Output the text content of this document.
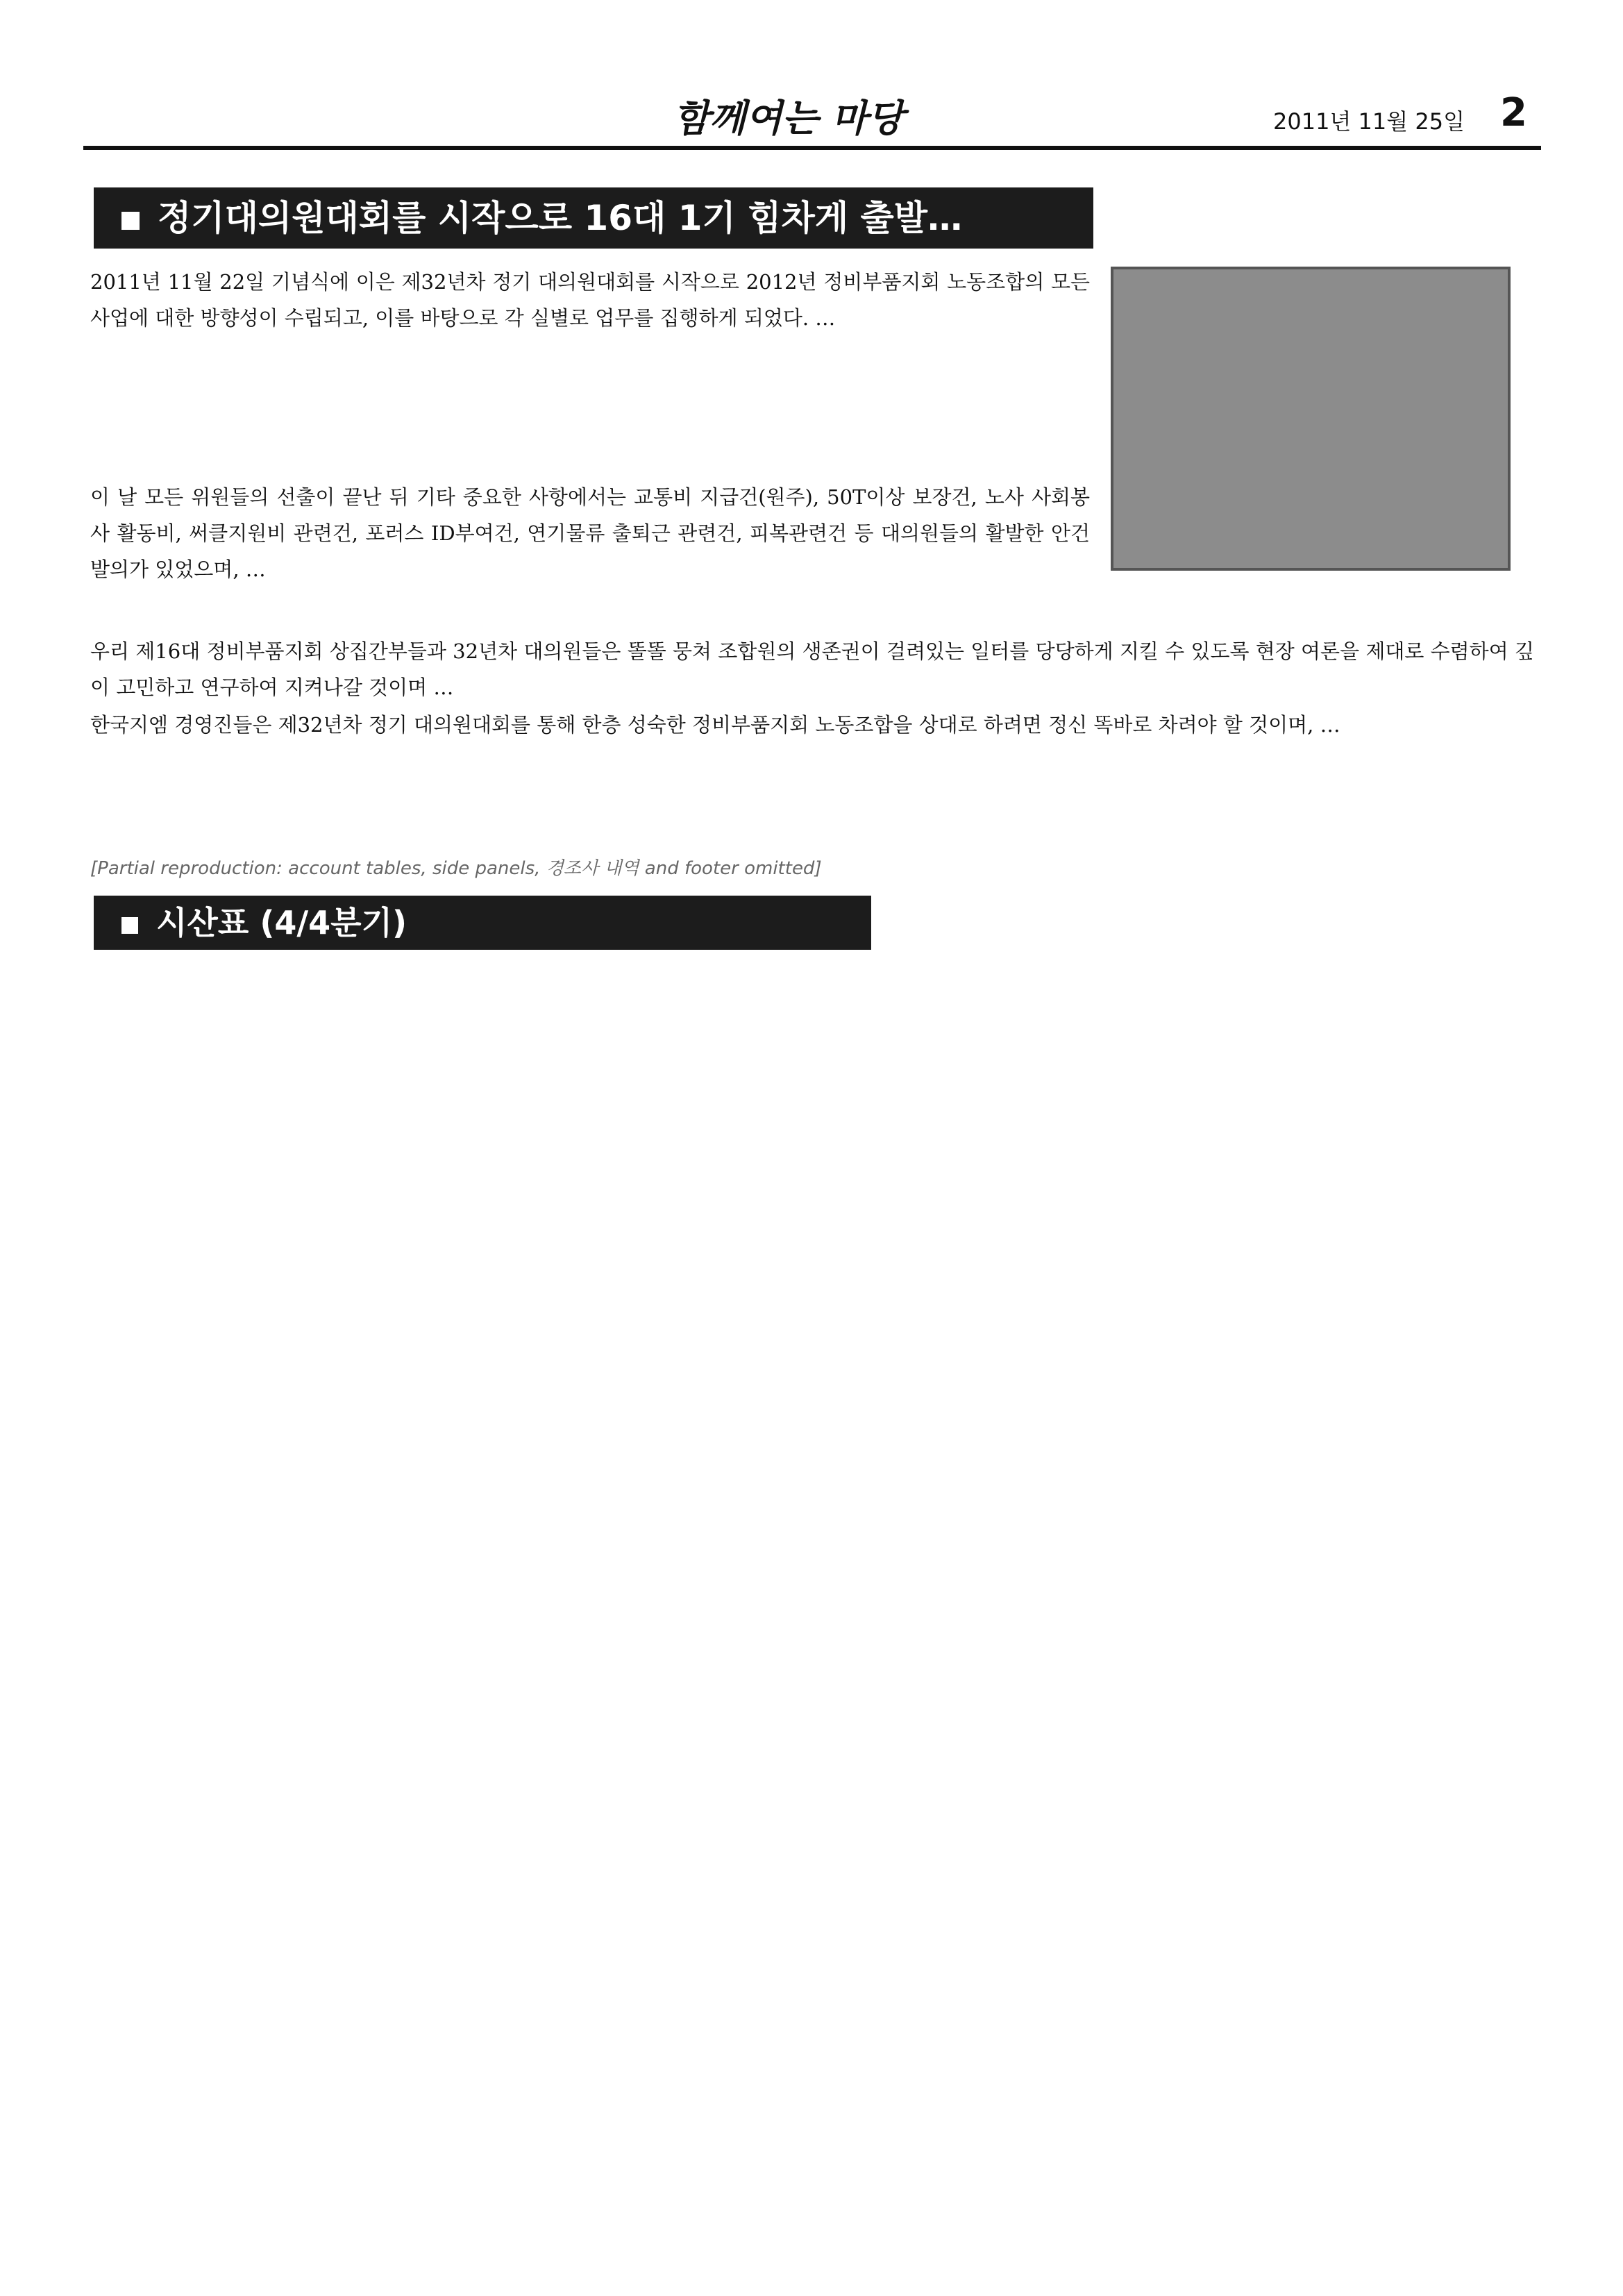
함께여는 마당	2011년 11월 25일 2
정기대의원대회를 시작으로 16대 1기 힘차게 출발…
2011년 11월 22일 기념식에 이은 제32년차 정기 대의원대회를 시작으로 2012년 정비부품지회 노동조합의 모든 사업에 대한 방향성이 수립되고, 이를 바탕으로 각 실별로 업무를 집행하게 되었다. …
이 날 모든 위원들의 선출이 끝난 뒤 기타 중요한 사항에서는 교통비 지급건(원주), 50T이상 보장건, 노사 사회봉사 활동비, 써클지원비 관련건, 포러스 ID부여건, 연기물류 출퇴근 관련건, 피복관련건 등 대의원들의 활발한 안건 발의가 있었으며, …
우리 제16대 정비부품지회 상집간부들과 32년차 대의원들은 똘똘 뭉쳐 조합원의 생존권이 걸려있는 일터를 당당하게 지킬 수 있도록 현장 여론을 제대로 수렴하여 깊이 고민하고 연구하여 지켜나갈 것이며 …
한국지엠 경영진들은 제32년차 정기 대의원대회를 통해 한층 성숙한 정비부품지회 노동조합을 상대로 하려면 정신 똑바로 차려야 할 것이며, …
[Partial reproduction: account tables, side panels, 경조사 내역 and footer omitted]
시산표 (4/4분기)
